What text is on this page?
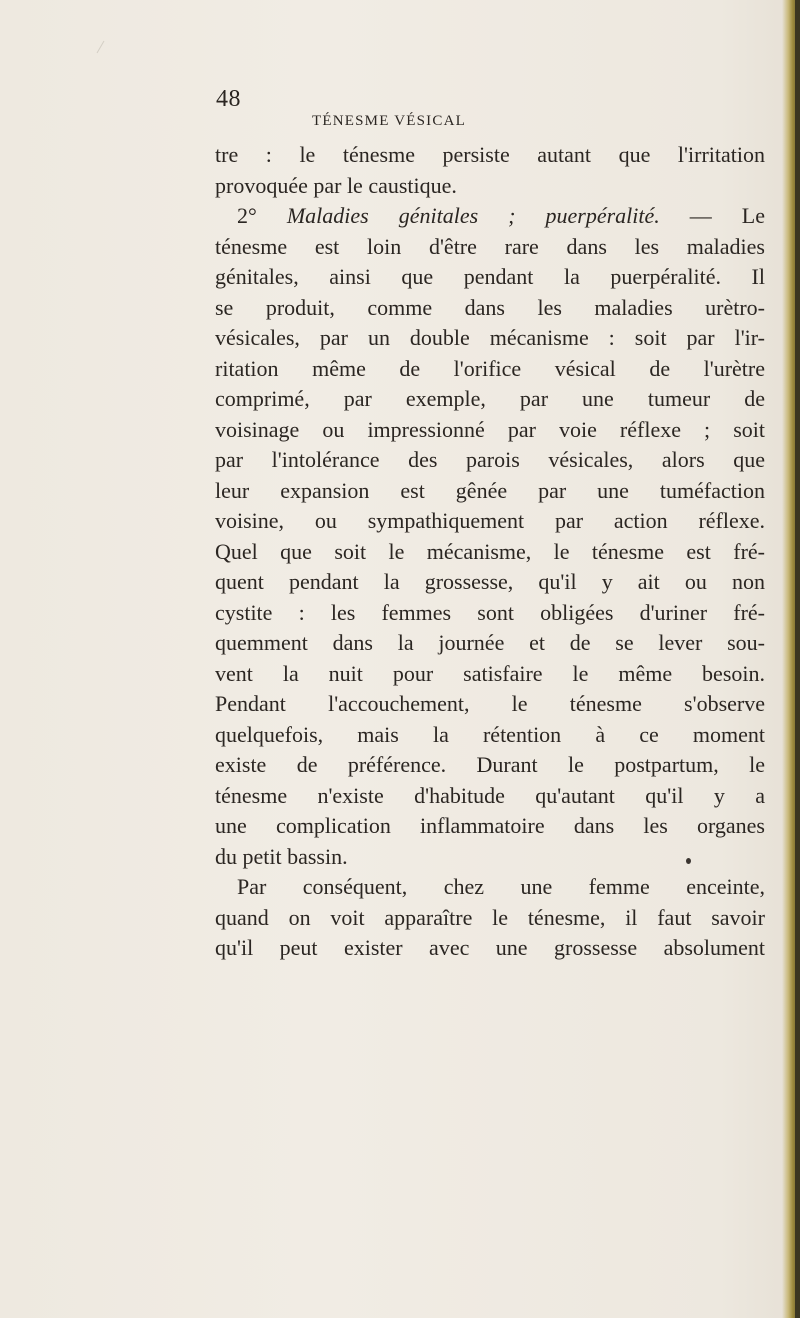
48
TÉNESME VÉSICAL
tre : le ténesme persiste autant que l'irritation
provoquée par le caustique.
2° Maladies génitales ; puerpéralité. — Le
ténesme est loin d'être rare dans les maladies
génitales, ainsi que pendant la puerpéralité. Il
se produit, comme dans les maladies urètro-
vésicales, par un double mécanisme : soit par l'ir-
ritation même de l'orifice vésical de l'urètre
comprimé, par exemple, par une tumeur de
voisinage ou impressionné par voie réflexe ; soit
par l'intolérance des parois vésicales, alors que
leur expansion est gênée par une tuméfaction
voisine, ou sympathiquement par action réflexe.
Quel que soit le mécanisme, le ténesme est fré-
quent pendant la grossesse, qu'il y ait ou non
cystite : les femmes sont obligées d'uriner fré-
quemment dans la journée et de se lever sou-
vent la nuit pour satisfaire le même besoin.
Pendant l'accouchement, le ténesme s'observe
quelquefois, mais la rétention à ce moment
existe de préférence. Durant le postpartum, le
ténesme n'existe d'habitude qu'autant qu'il y a
une complication inflammatoire dans les organes
du petit bassin.
Par conséquent, chez une femme enceinte,
quand on voit apparaître le ténesme, il faut savoir
qu'il peut exister avec une grossesse absolument
